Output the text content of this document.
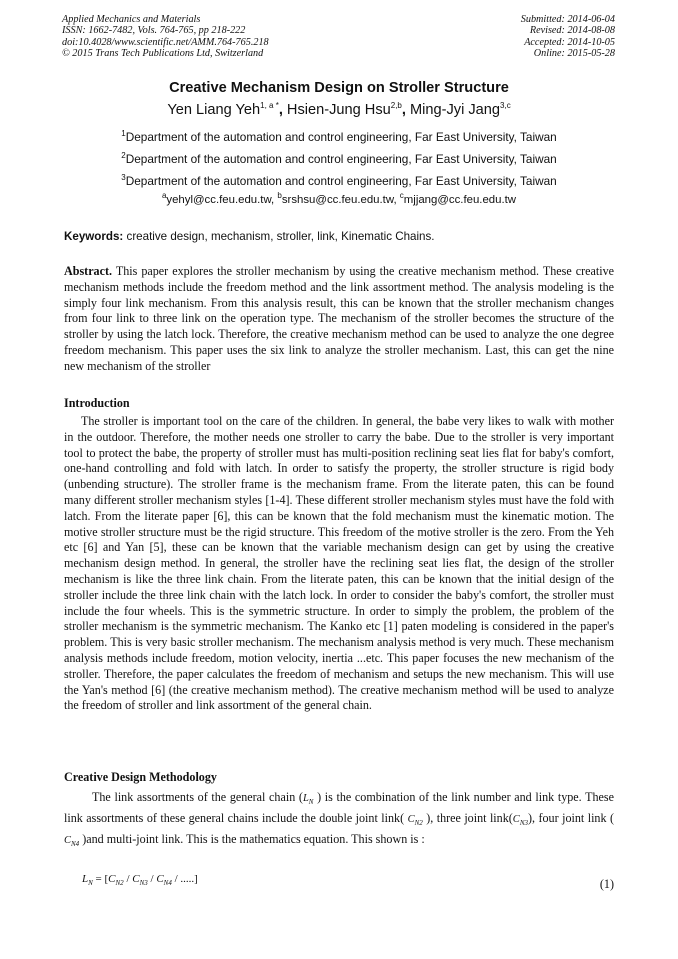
Applied Mechanics and Materials
ISSN: 1662-7482, Vols. 764-765, pp 218-222
doi:10.4028/www.scientific.net/AMM.764-765.218
© 2015 Trans Tech Publications Ltd, Switzerland
Submitted: 2014-06-04
Revised: 2014-08-08
Accepted: 2014-10-05
Online: 2015-05-28
Creative Mechanism Design on Stroller Structure
Yen Liang Yeh$^{1, a *}$, Hsien-Jung Hsu$^{2,b}$, Ming-Jyi Jang$^{3,c}$
$^1$Department of the automation and control engineering, Far East University, Taiwan
$^2$Department of the automation and control engineering, Far East University, Taiwan
$^3$Department of the automation and control engineering, Far East University, Taiwan
$^a$yehyl@cc.feu.edu.tw, $^b$srshsu@cc.feu.edu.tw, $^c$mjjang@cc.feu.edu.tw
Keywords: creative design, mechanism, stroller, link, Kinematic Chains.

Abstract. This paper explores the stroller mechanism by using the creative mechanism method. These creative mechanism methods include the freedom method and the link assortment method. The analysis modeling is the simply four link mechanism. From this analysis result, this can be known that the stroller mechanism changes from four link to three link on the operation type. The mechanism of the stroller becomes the structure of the stroller by using the latch lock. Therefore, the creative mechanism method can be used to analyze the one degree freedom mechanism. This paper uses the six link to analyze the stroller mechanism. Last, this can get the nine new mechanism of the stroller

Introduction

The stroller is important tool on the care of the children. In general, the babe very likes to walk with mother in the outdoor. Therefore, the mother needs one stroller to carry the babe. Due to the stroller is very important tool to protect the babe, the property of stroller must has multi-position reclining seat lies flat for baby's comfort, one-hand controlling and fold with latch. In order to satisfy the property, the stroller structure is rigid body (unbending structure). The stroller frame is the mechanism frame. From the literate paten, this can be found many different stroller mechanism styles [1-4]. These different stroller mechanism styles must have the fold with latch. From the literate paper [6], this can be known that the fold mechanism must the kinematic motion. The motive stroller structure must be the rigid structure. This freedom of the motive stroller is the zero. From the Yeh etc [6] and Yan [5], these can be known that the variable mechanism design can get by using the creative mechanism design method. In general, the stroller have the reclining seat lies flat, the design of the stroller mechanism is like the three link chain. From the literate paten, this can be known that the initial design of the stroller include the three link chain with the latch lock. In order to consider the baby's comfort, the stroller must include the four wheels. This is the symmetric structure. In order to simply the problem, the problem of the stroller mechanism is the symmetric mechanism. The Kanko etc [1] paten modeling is considered in the paper's problem. This is very basic stroller mechanism. The mechanism analysis method is very much. These mechanism analysis methods include freedom, motion velocity, inertia ...etc. This paper focuses the new mechanism of the stroller. Therefore, the paper calculates the freedom of mechanism and setups the new mechanism. This will use the Yan's method [6] (the creative mechanism method). The creative mechanism method will be used to analyze the freedom of stroller and link assortment of the general chain.

Creative Design Methodology

The link assortments of the general chain ($L_N$ ) is the combination of the link number and link type. These link assortments of these general chains include the double joint link( $C_{N2}$ ), three joint $link(C_{N3})$, four joint link ( $C_{N4}$ )and multi-joint link. This is the mathematics equation. This shown is :

$L_N = [C_{N2} / C_{N3} / C_{N4}$ / .....]	(1)
